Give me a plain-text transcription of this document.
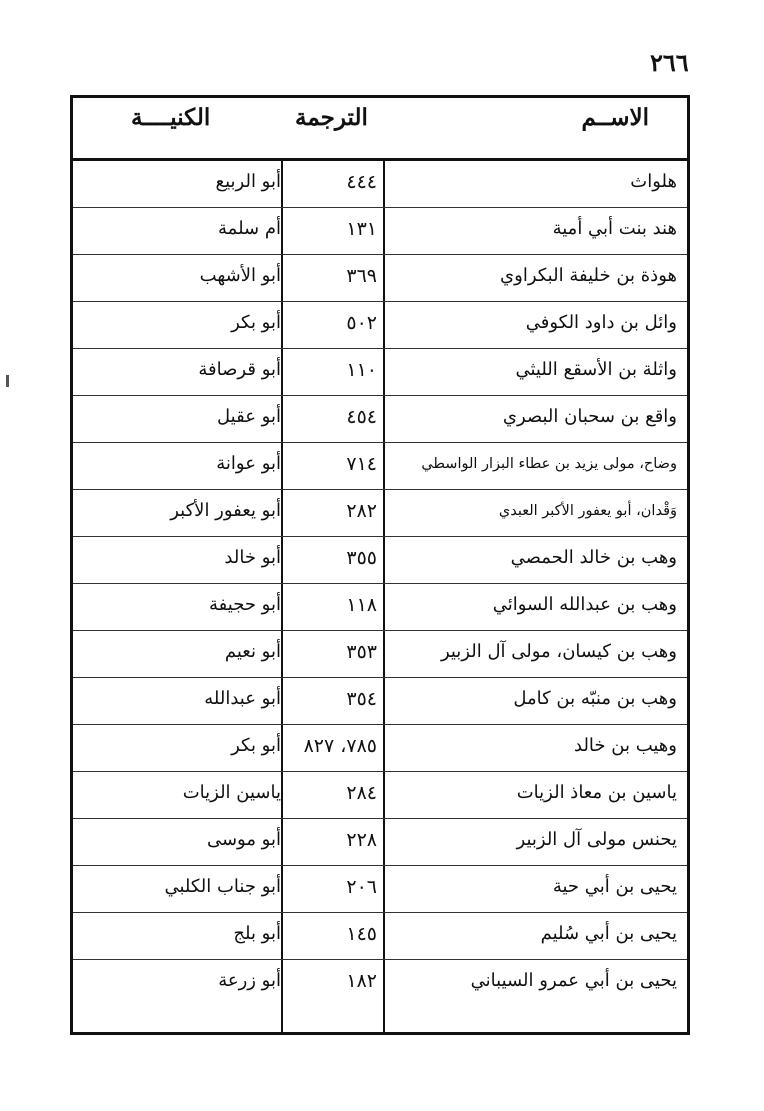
٢٦٦
الاســم
الترجمة
الكنيــــة
هلواث
٤٤٤
أبو الربيع
هند بنت أبي أمية
١٣١
أم سلمة
هوذة بن خليفة البكراوي
٣٦٩
أبو الأشهب
وائل بن داود الكوفي
٥٠٢
أبو بكر
واثلة بن الأسقع الليثي
١١٠
أبو قرصافة
واقع بن سحبان البصري
٤٥٤
أبو عقيل
وضاح، مولى يزيد بن عطاء البزار الواسطي
٧١٤
أبو عوانة
وَقْدان، أبو يعفور الأكبر العبدي
٢٨٢
أبو يعفور الأكبر
وهب بن خالد الحمصي
٣٥٥
أبو خالد
وهب بن عبدالله السوائي
١١٨
أبو حجيفة
وهب بن كيسان، مولى آل الزبير
٣٥٣
أبو نعيم
وهب بن منبّه بن كامل
٣٥٤
أبو عبدالله
وهيب بن خالد
٧٨٥، ٨٢٧
أبو بكر
ياسين بن معاذ الزيات
٢٨٤
ياسين الزيات
يحنس مولى آل الزبير
٢٢٨
أبو موسى
يحيى بن أبي حية
٢٠٦
أبو جناب الكلبي
يحيى بن أبي سُليم
١٤٥
أبو بلج
يحيى بن أبي عمرو السيباني
١٨٢
أبو زرعة
